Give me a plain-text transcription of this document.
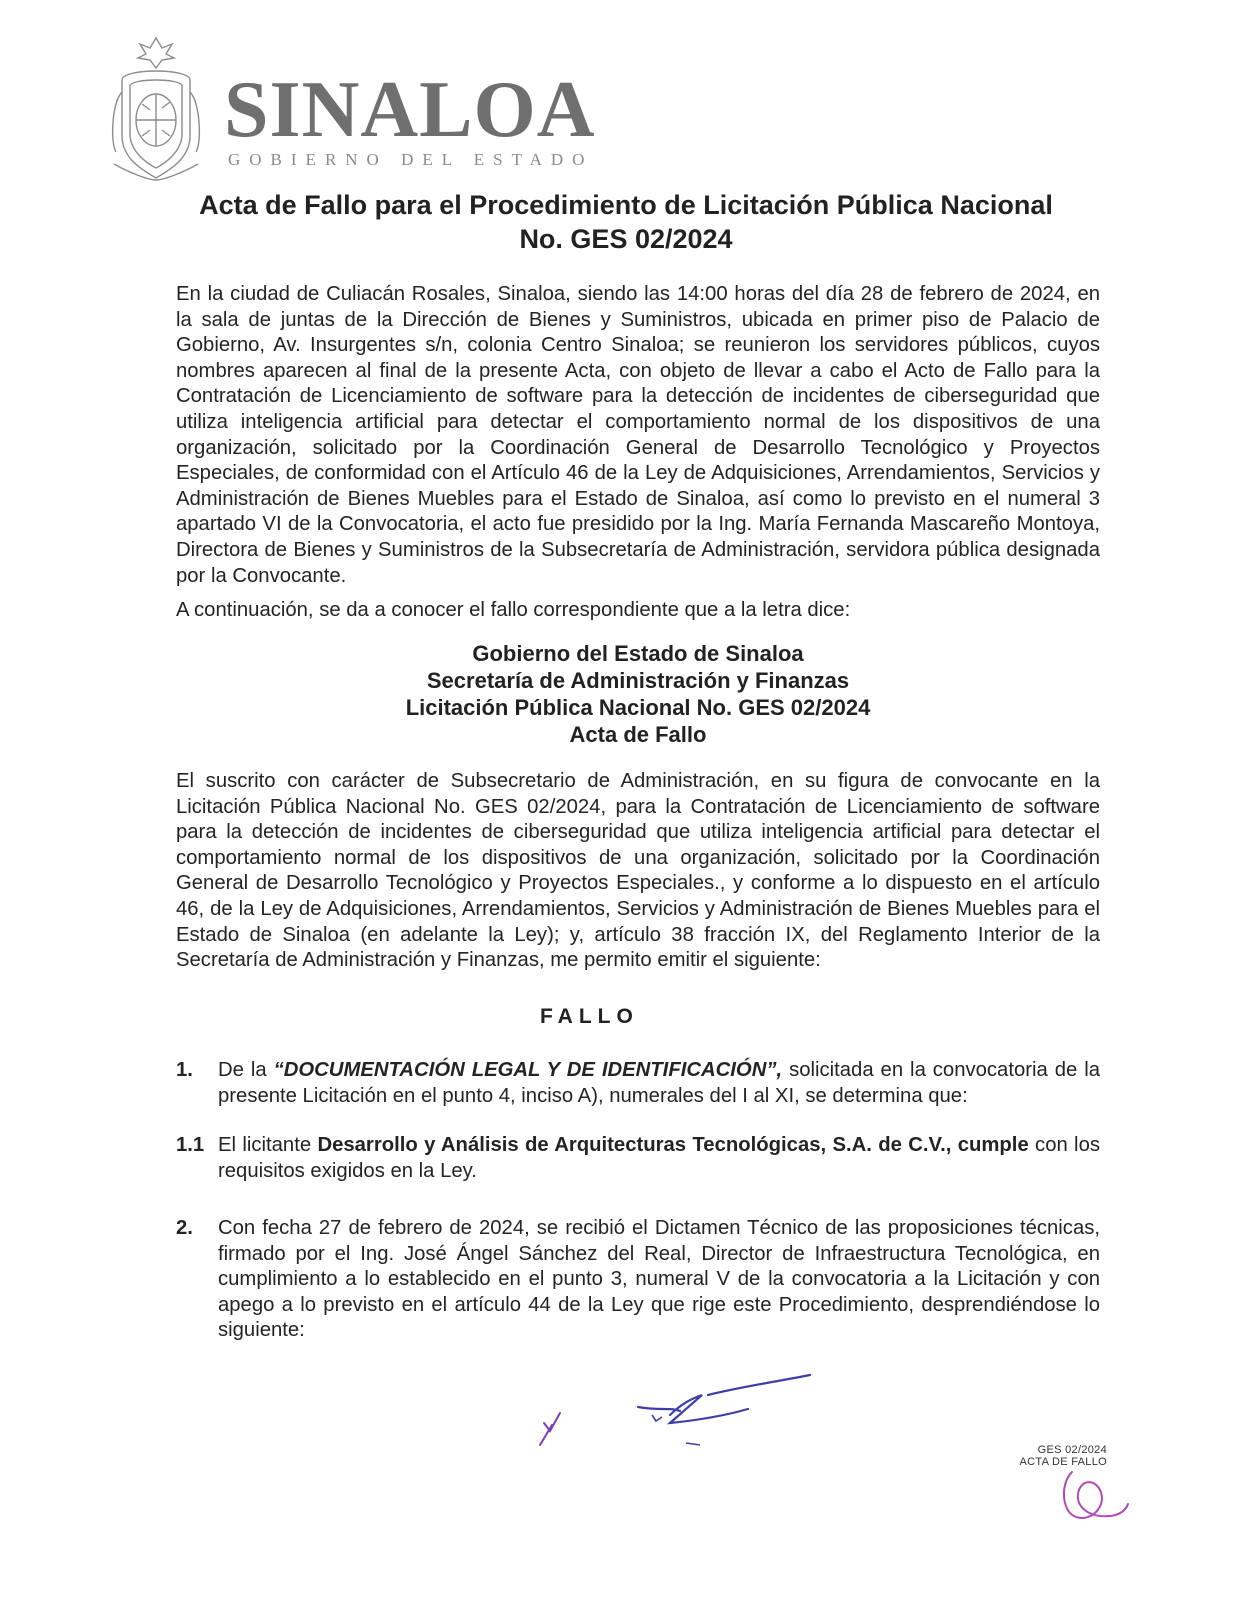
SINALOA
GOBIERNO DEL ESTADO
Acta de Fallo para el Procedimiento de Licitación Pública Nacional
No. GES 02/2024
En la ciudad de Culiacán Rosales, Sinaloa, siendo las 14:00 horas del día 28 de febrero de 2024, en la sala de juntas de la Dirección de Bienes y Suministros, ubicada en primer piso de Palacio de Gobierno, Av. Insurgentes s/n, colonia Centro Sinaloa; se reunieron los servidores públicos, cuyos nombres aparecen al final de la presente Acta, con objeto de llevar a cabo el Acto de Fallo para la Contratación de Licenciamiento de software para la detección de incidentes de ciberseguridad que utiliza inteligencia artificial para detectar el comportamiento normal de los dispositivos de una organización, solicitado por la Coordinación General de Desarrollo Tecnológico y Proyectos Especiales, de conformidad con el Artículo 46 de la Ley de Adquisiciones, Arrendamientos, Servicios y Administración de Bienes Muebles para el Estado de Sinaloa, así como lo previsto en el numeral 3 apartado VI de la Convocatoria, el acto fue presidido por la Ing. María Fernanda Mascareño Montoya, Directora de Bienes y Suministros de la Subsecretaría de Administración, servidora pública designada por la Convocante.
A continuación, se da a conocer el fallo correspondiente que a la letra dice:
Gobierno del Estado de Sinaloa
Secretaría de Administración y Finanzas
Licitación Pública Nacional No. GES 02/2024
Acta de Fallo
El suscrito con carácter de Subsecretario de Administración, en su figura de convocante en la Licitación Pública Nacional No. GES 02/2024, para la Contratación de Licenciamiento de software para la detección de incidentes de ciberseguridad que utiliza inteligencia artificial para detectar el comportamiento normal de los dispositivos de una organización, solicitado por la Coordinación General de Desarrollo Tecnológico y Proyectos Especiales., y conforme a lo dispuesto en el artículo 46, de la Ley de Adquisiciones, Arrendamientos, Servicios y Administración de Bienes Muebles para el Estado de Sinaloa (en adelante la Ley); y, artículo 38 fracción IX, del Reglamento Interior de la Secretaría de Administración y Finanzas, me permito emitir el siguiente:
FALLO
1. De la “DOCUMENTACIÓN LEGAL Y DE IDENTIFICACIÓN”, solicitada en la convocatoria de la presente Licitación en el punto 4, inciso A), numerales del I al XI, se determina que:
1.1 El licitante Desarrollo y Análisis de Arquitecturas Tecnológicas, S.A. de C.V., cumple con los requisitos exigidos en la Ley.
2. Con fecha 27 de febrero de 2024, se recibió el Dictamen Técnico de las proposiciones técnicas, firmado por el Ing. José Ángel Sánchez del Real, Director de Infraestructura Tecnológica, en cumplimiento a lo establecido en el punto 3, numeral V de la convocatoria a la Licitación y con apego a lo previsto en el artículo 44 de la Ley que rige este Procedimiento, desprendiéndose lo siguiente:
GES 02/2024
ACTA DE FALLO
